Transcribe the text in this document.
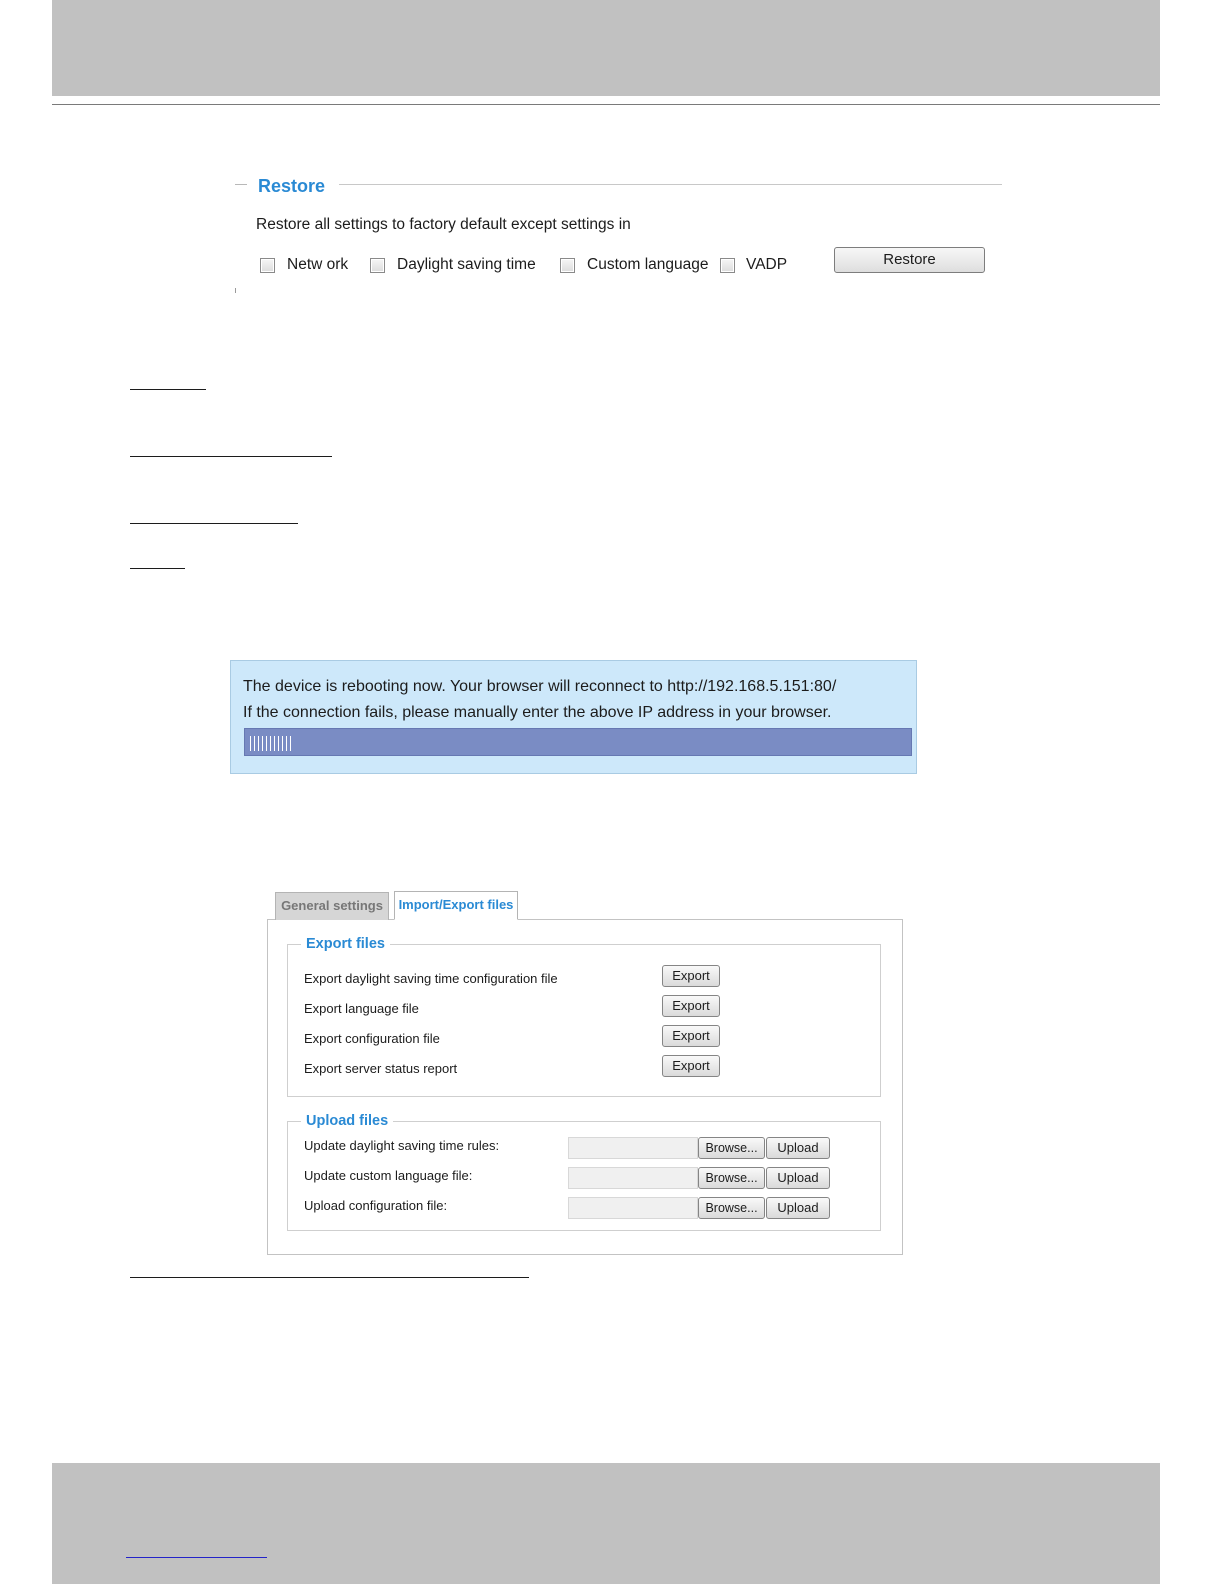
Restore
Restore all settings to factory default except settings in
Netw ork	Daylight saving time	Custom language VADP	Restore
The device is rebooting now. Your browser will reconnect to http://192.168.5.151:80/
If the connection fails, please manually enter the above IP address in your browser.
General settings	Import/Export files
Export files
Export daylight saving time configuration file	Export
Export language file	Export
Export configuration file	Export
Export server status report	Export
Upload files
Update daylight saving time rules:	Browse...	Upload
Update custom language file:	Browse...	Upload
Upload configuration file:	Browse...	Upload
